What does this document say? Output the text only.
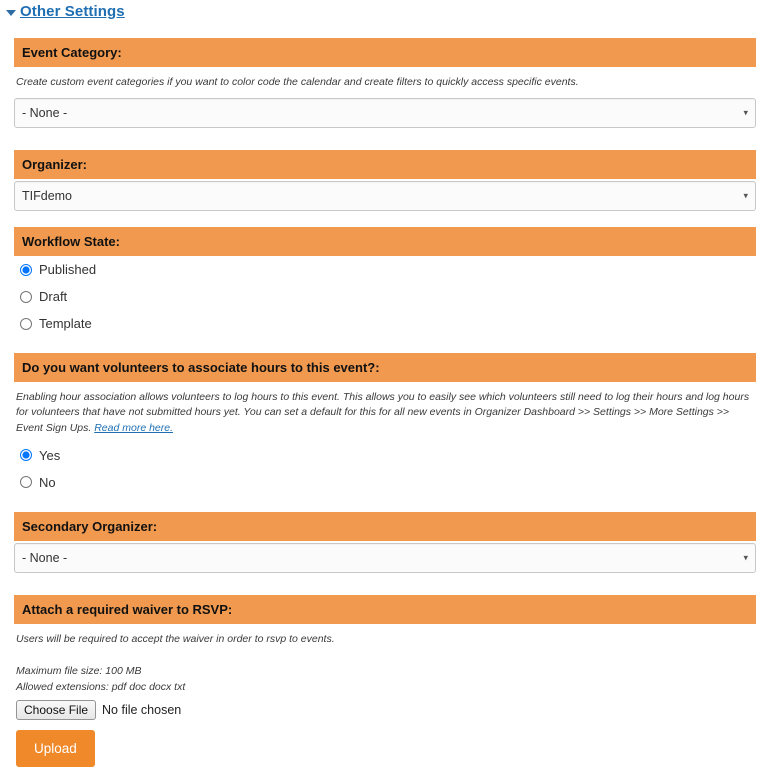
Other Settings
Event Category:
Create custom event categories if you want to color code the calendar and create filters to quickly access specific events.
- None -
▾
Organizer:
TIFdemo
▾
Workflow State:
Published
Draft
Template
Do you want volunteers to associate hours to this event?:
Enabling hour association allows volunteers to log hours to this event. This allows you to easily see which volunteers still need to log their hours and log hours for volunteers that have not submitted hours yet. You can set a default for this for all new events in Organizer Dashboard >> Settings >> More Settings >> Event Sign Ups. Read more here.
Yes
No
Secondary Organizer:
- None -
▾
Attach a required waiver to RSVP:
Users will be required to accept the waiver in order to rsvp to events.
Maximum file size: 100 MB
Allowed extensions: pdf doc docx txt
Choose File	No file chosen
Upload
